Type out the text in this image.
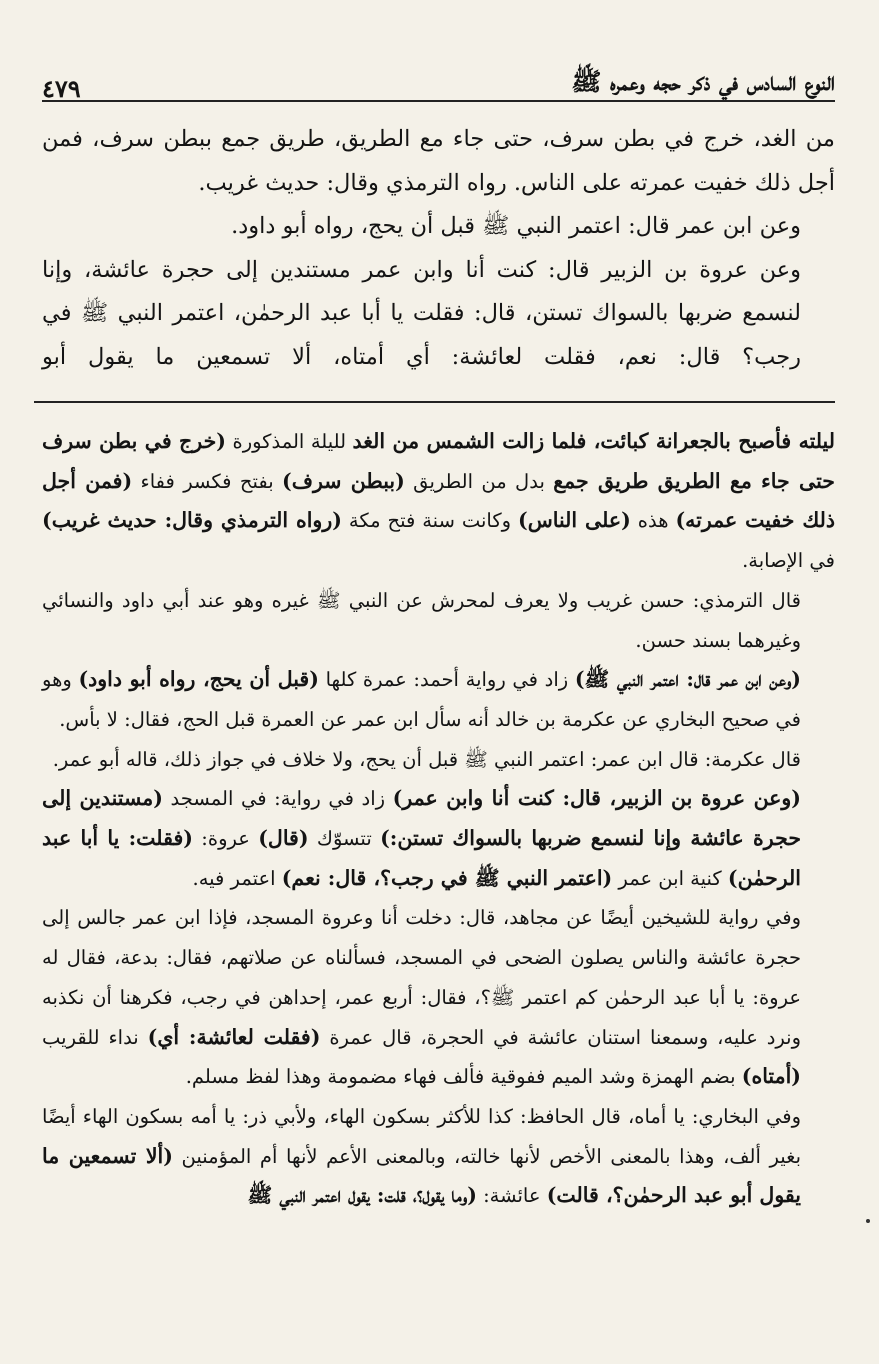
النوع السادس في ذكر حجه وعمره ﷺ
٤٧٩

من الغد، خرج في بطن سرف، حتى جاء مع الطريق، طريق جمع ببطن سرف، فمن أجل ذلك خفيت عمرته على الناس. رواه الترمذي وقال: حديث غريب.

وعن ابن عمر قال: اعتمر النبي ﷺ قبل أن يحج، رواه أبو داود.

وعن عروة بن الزبير قال: كنت أنا وابن عمر مستندين إلى حجرة عائشة، وإنا لنسمع ضربها بالسواك تستن، قال: فقلت يا أبا عبد الرحمٰن، اعتمر النبي ﷺ في رجب؟ قال: نعم، فقلت لعائشة: أي أمتاه، ألا تسمعين ما يقول أبو

ليلته فأصبح بالجعرانة كبائت، فلما زالت الشمس من الغد لليلة المذكورة (خرج في بطن سرف حتى جاء مع الطريق طريق جمع بدل من الطريق (ببطن سرف) بفتح فكسر ففاء (فمن أجل ذلك خفيت عمرته) هذه (على الناس) وكانت سنة فتح مكة (رواه الترمذي وقال: حديث غريب) في الإصابة.

قال الترمذي: حسن غريب ولا يعرف لمحرش عن النبي ﷺ غيره وهو عند أبي داود والنسائي وغيرهما بسند حسن.

(وعن ابن عمر قال: اعتمر النبي ﷺ) زاد في رواية أحمد: عمرة كلها (قبل أن يحج، رواه أبو داود) وهو في صحيح البخاري عن عكرمة بن خالد أنه سأل ابن عمر عن العمرة قبل الحج، فقال: لا بأس.

قال عكرمة: قال ابن عمر: اعتمر النبي ﷺ قبل أن يحج، ولا خلاف في جواز ذلك، قاله أبو عمر.

(وعن عروة بن الزبير، قال: كنت أنا وابن عمر) زاد في رواية: في المسجد (مستندين إلى حجرة عائشة وإنا لنسمع ضربها بالسواك تستن:) تتسوّك (قال) عروة: (فقلت: يا أبا عبد الرحمٰن) كنية ابن عمر (اعتمر النبي ﷺ في رجب؟، قال: نعم) اعتمر فيه.

وفي رواية للشيخين أيضًا عن مجاهد، قال: دخلت أنا وعروة المسجد، فإذا ابن عمر جالس إلى حجرة عائشة والناس يصلون الضحى في المسجد، فسألناه عن صلاتهم، فقال: بدعة، فقال له عروة: يا أبا عبد الرحمٰن كم اعتمر ﷺ؟، فقال: أربع عمر، إحداهن في رجب، فكرهنا أن نكذبه ونرد عليه، وسمعنا استنان عائشة في الحجرة، قال عمرة (فقلت لعائشة: أي) نداء للقريب (أمتاه) بضم الهمزة وشد الميم ففوقية فألف فهاء مضمومة وهذا لفظ مسلم.

وفي البخاري: يا أماه، قال الحافظ: كذا للأكثر بسكون الهاء، ولأبي ذر: يا أمه بسكون الهاء أيضًا بغير ألف، وهذا بالمعنى الأخص لأنها خالته، وبالمعنى الأعم لأنها أم المؤمنين (ألا تسمعين ما يقول أبو عبد الرحمٰن؟، قالت) عائشة: (وما يقول؟، قلت: يقول اعتمر النبي ﷺ
